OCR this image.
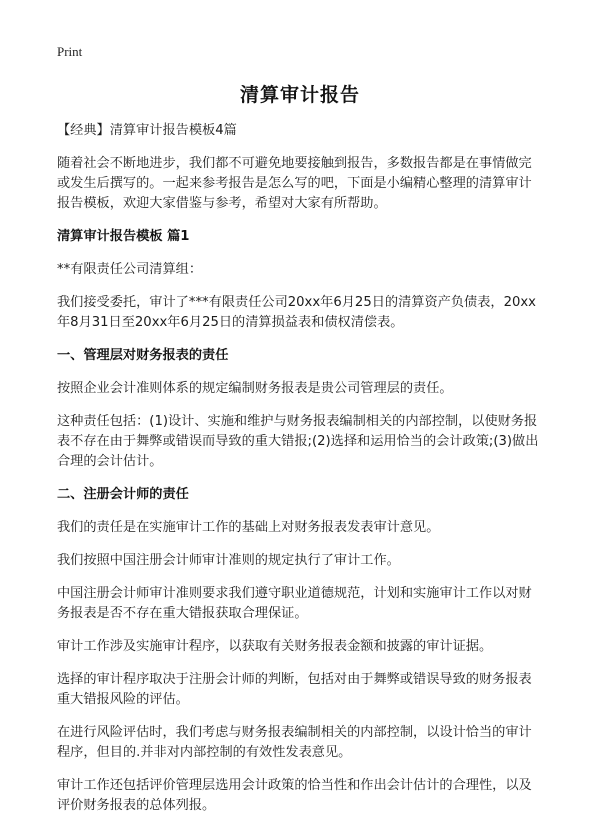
Print
清算审计报告
【经典】清算审计报告模板4篇

随着社会不断地进步，我们都不可避免地要接触到报告，多数报告都是在事情做完或发生后撰写的。一起来参考报告是怎么写的吧，下面是小编精心整理的清算审计报告模板，欢迎大家借鉴与参考，希望对大家有所帮助。

清算审计报告模板 篇1

**有限责任公司清算组：

我们接受委托，审计了***有限责任公司20xx年6月25日的清算资产负债表，20xx年8月31日至20xx年6月25日的清算损益表和债权清偿表。

一、管理层对财务报表的责任

按照企业会计准则体系的规定编制财务报表是贵公司管理层的责任。

这种责任包括：(1)设计、实施和维护与财务报表编制相关的内部控制，以使财务报表不存在由于舞弊或错误而导致的重大错报;(2)选择和运用恰当的会计政策;(3)做出合理的会计估计。

二、注册会计师的责任

我们的责任是在实施审计工作的基础上对财务报表发表审计意见。

我们按照中国注册会计师审计准则的规定执行了审计工作。

中国注册会计师审计准则要求我们遵守职业道德规范，计划和实施审计工作以对财务报表是否不存在重大错报获取合理保证。

审计工作涉及实施审计程序，以获取有关财务报表金额和披露的审计证据。

选择的审计程序取决于注册会计师的判断，包括对由于舞弊或错误导致的财务报表重大错报风险的评估。

在进行风险评估时，我们考虑与财务报表编制相关的内部控制，以设计恰当的审计程序，但目的.并非对内部控制的有效性发表意见。

审计工作还包括评价管理层选用会计政策的恰当性和作出会计估计的合理性，以及评价财务报表的总体列报。
